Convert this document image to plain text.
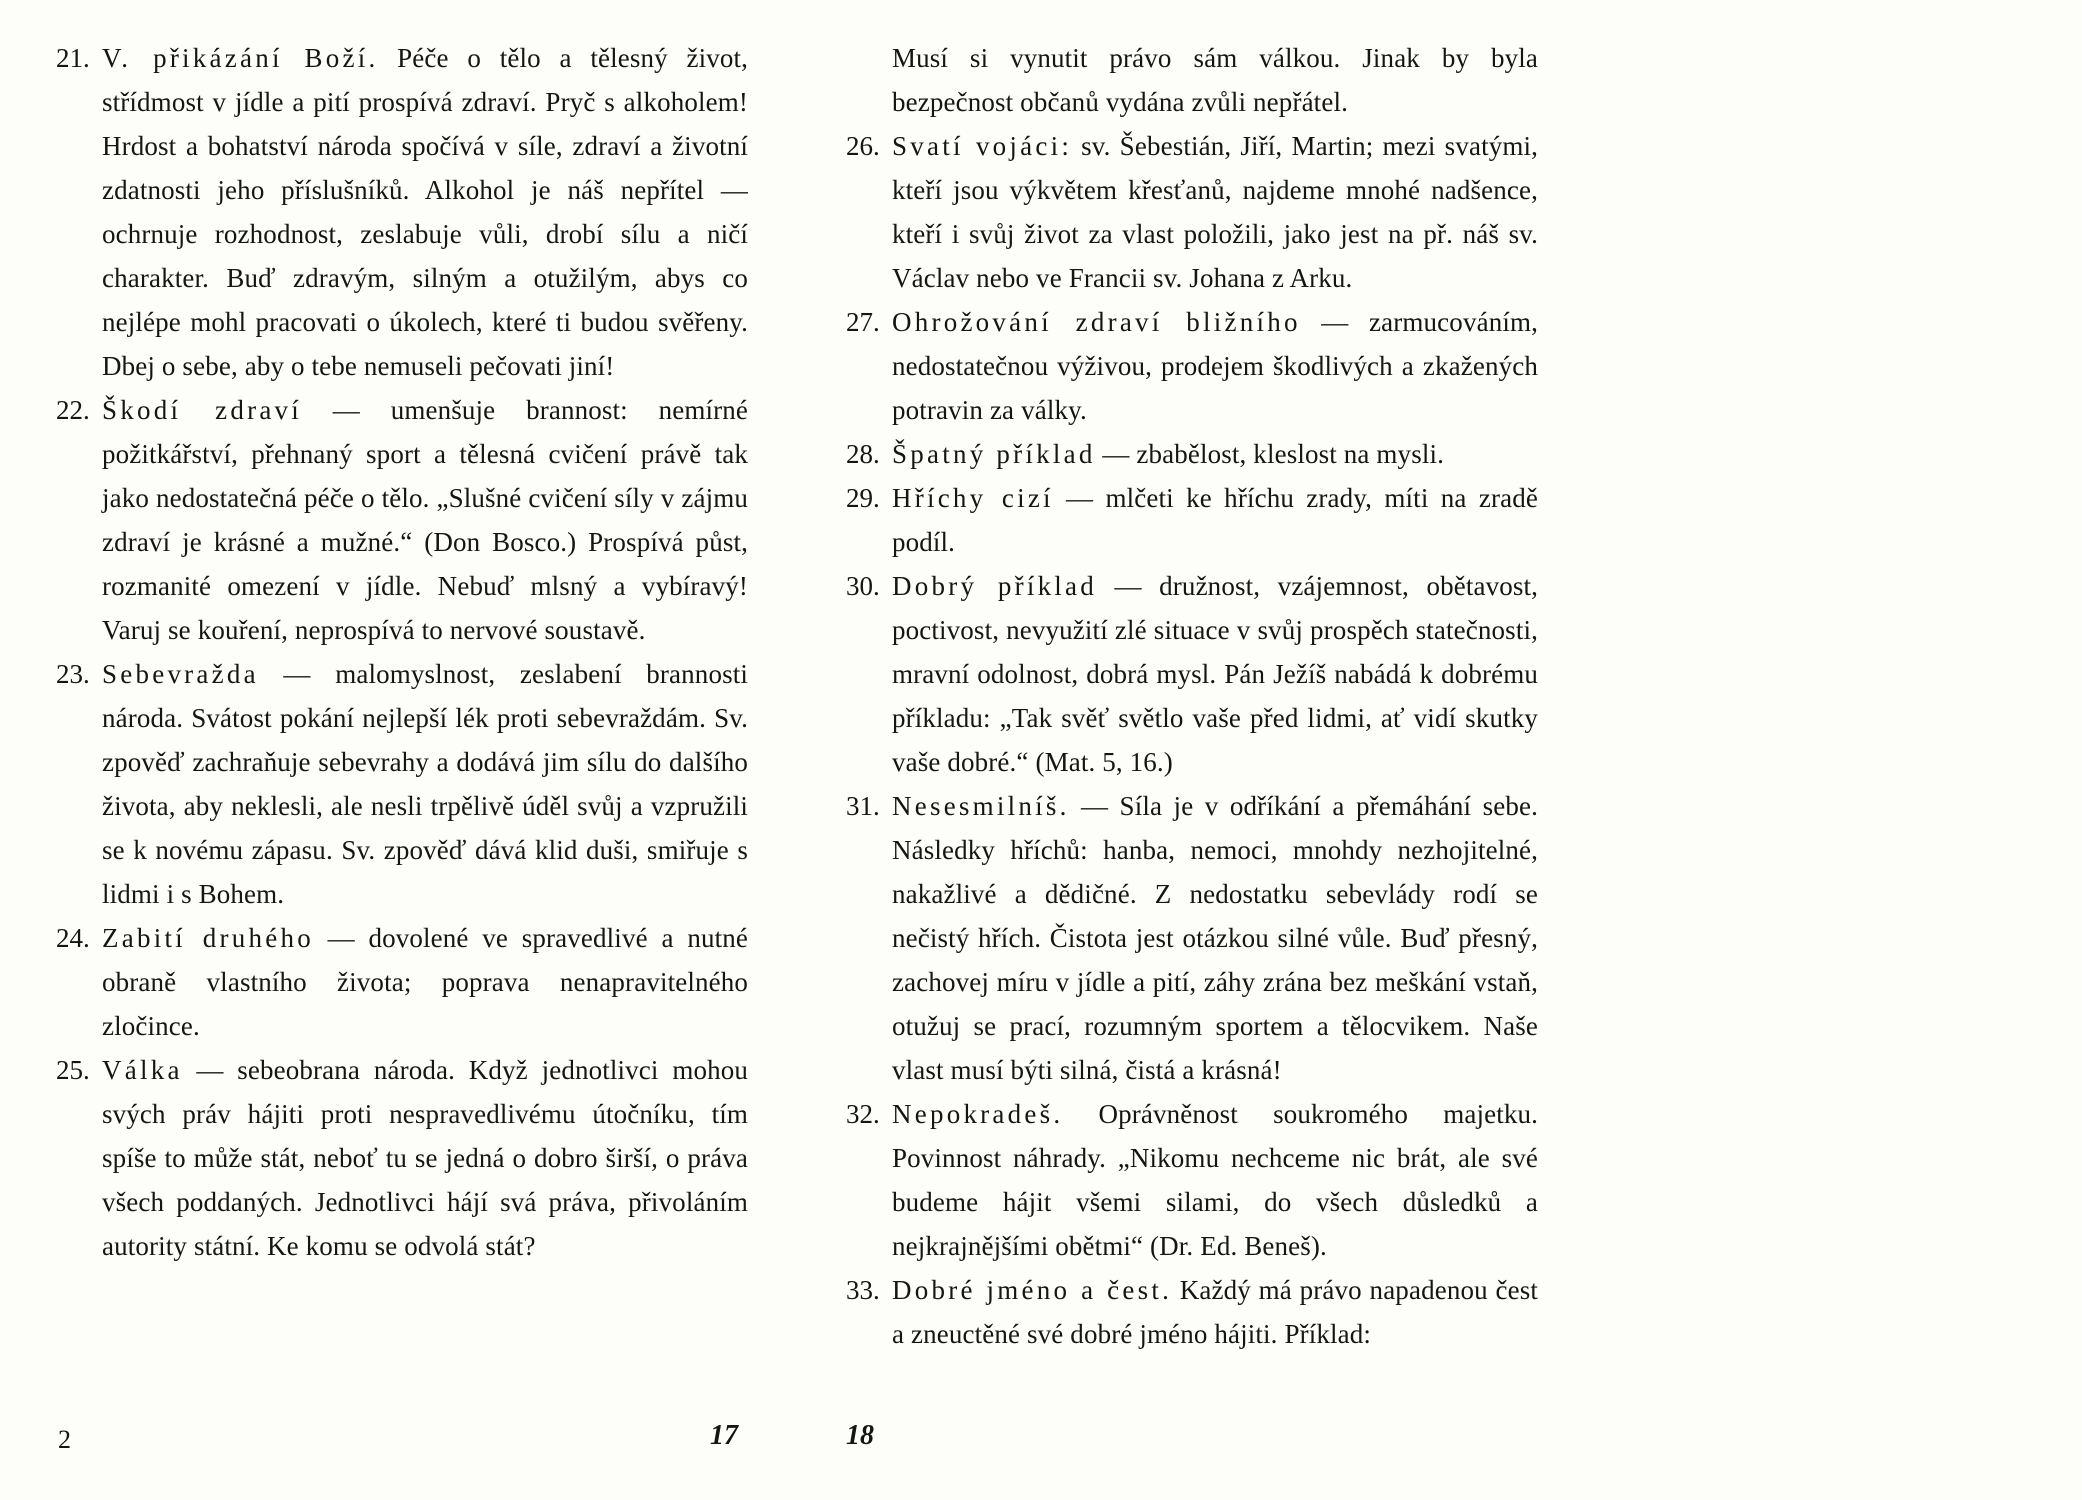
21. V. přikázání Boží. Péče o tělo a tělesný život, střídmost v jídle a pití prospívá zdraví. Pryč s alkoholem! Hrdost a bohatství národa spočívá v síle, zdraví a životní zdatnosti jeho příslušníků. Alkohol je náš nepřítel — ochrnuje rozhodnost, zeslabuje vůli, drobí sílu a ničí charakter. Buď zdravým, silným a otužilým, abys co nejlépe mohl pracovati o úkolech, které ti budou svěřeny. Dbej o sebe, aby o tebe nemuseli pečovati jiní!

22. Škodí zdraví — umenšuje brannost: nemírné požitkářství, přehnaný sport a tělesná cvičení právě tak jako nedostatečná péče o tělo. „Slušné cvičení síly v zájmu zdraví je krásné a mužné.“ (Don Bosco.) Prospívá půst, rozmanité omezení v jídle. Nebuď mlsný a vybíravý! Varuj se kouření, neprospívá to nervové soustavě.

23. Sebevražda — malomyslnost, zeslabení brannosti národa. Svátost pokání nejlepší lék proti sebevraždám. Sv. zpověď zachraňuje sebevrahy a dodává jim sílu do dalšího života, aby neklesli, ale nesli trpělivě úděl svůj a vzpružili se k novému zápasu. Sv. zpověď dává klid duši, smiřuje s lidmi i s Bohem.

24. Zabití druhého — dovolené ve spravedlivé a nutné obraně vlastního života; poprava nenapravitelného zločince.

25. Válka — sebeobrana národa. Když jednotlivci mohou svých práv hájiti proti nespravedlivému útočníku, tím spíše to může stát, neboť tu se jedná o dobro širší, o práva všech poddaných. Jednotlivci hájí svá práva, přivoláním autority státní. Ke komu se odvolá stát?

Musí si vynutit právo sám válkou. Jinak by byla bezpečnost občanů vydána zvůli nepřátel.

26. Svatí vojáci: sv. Šebestián, Jiří, Martin; mezi svatými, kteří jsou výkvětem křesťanů, najdeme mnohé nadšence, kteří i svůj život za vlast položili, jako jest na př. náš sv. Václav nebo ve Francii sv. Johana z Arku.

27. Ohrožování zdraví bližního — zarmucováním, nedostatečnou výživou, prodejem škodlivých a zkažených potravin za války.

28. Špatný příklad — zbabělost, kleslost na mysli.

29. Hříchy cizí — mlčeti ke hříchu zrady, míti na zradě podíl.

30. Dobrý příklad — družnost, vzájemnost, obětavost, poctivost, nevyužití zlé situace v svůj prospěch statečnosti, mravní odolnost, dobrá mysl. Pán Ježíš nabádá k dobrému příkladu: „Tak svěť světlo vaše před lidmi, ať vidí skutky vaše dobré.“ (Mat. 5, 16.)

31. Nesesmilníš. — Síla je v odříkání a přemáhání sebe. Následky hříchů: hanba, nemoci, mnohdy nezhojitelné, nakažlivé a dědičné. Z nedostatku sebevlády rodí se nečistý hřích. Čistota jest otázkou silné vůle. Buď přesný, zachovej míru v jídle a pití, záhy zrána bez meškání vstaň, otužuj se prací, rozumným sportem a tělocvikem. Naše vlast musí býti silná, čistá a krásná!

32. Nepokradeš. Oprávněnost soukromého majetku. Povinnost náhrady. „Nikomu nechceme nic brát, ale své budeme hájit všemi silami, do všech důsledků a nejkrajnějšími obětmi“ (Dr. Ed. Beneš).

33. Dobré jméno a čest. Každý má právo napadenou čest a zneuctěné své dobré jméno hájiti. Příklad:

2	17	18
